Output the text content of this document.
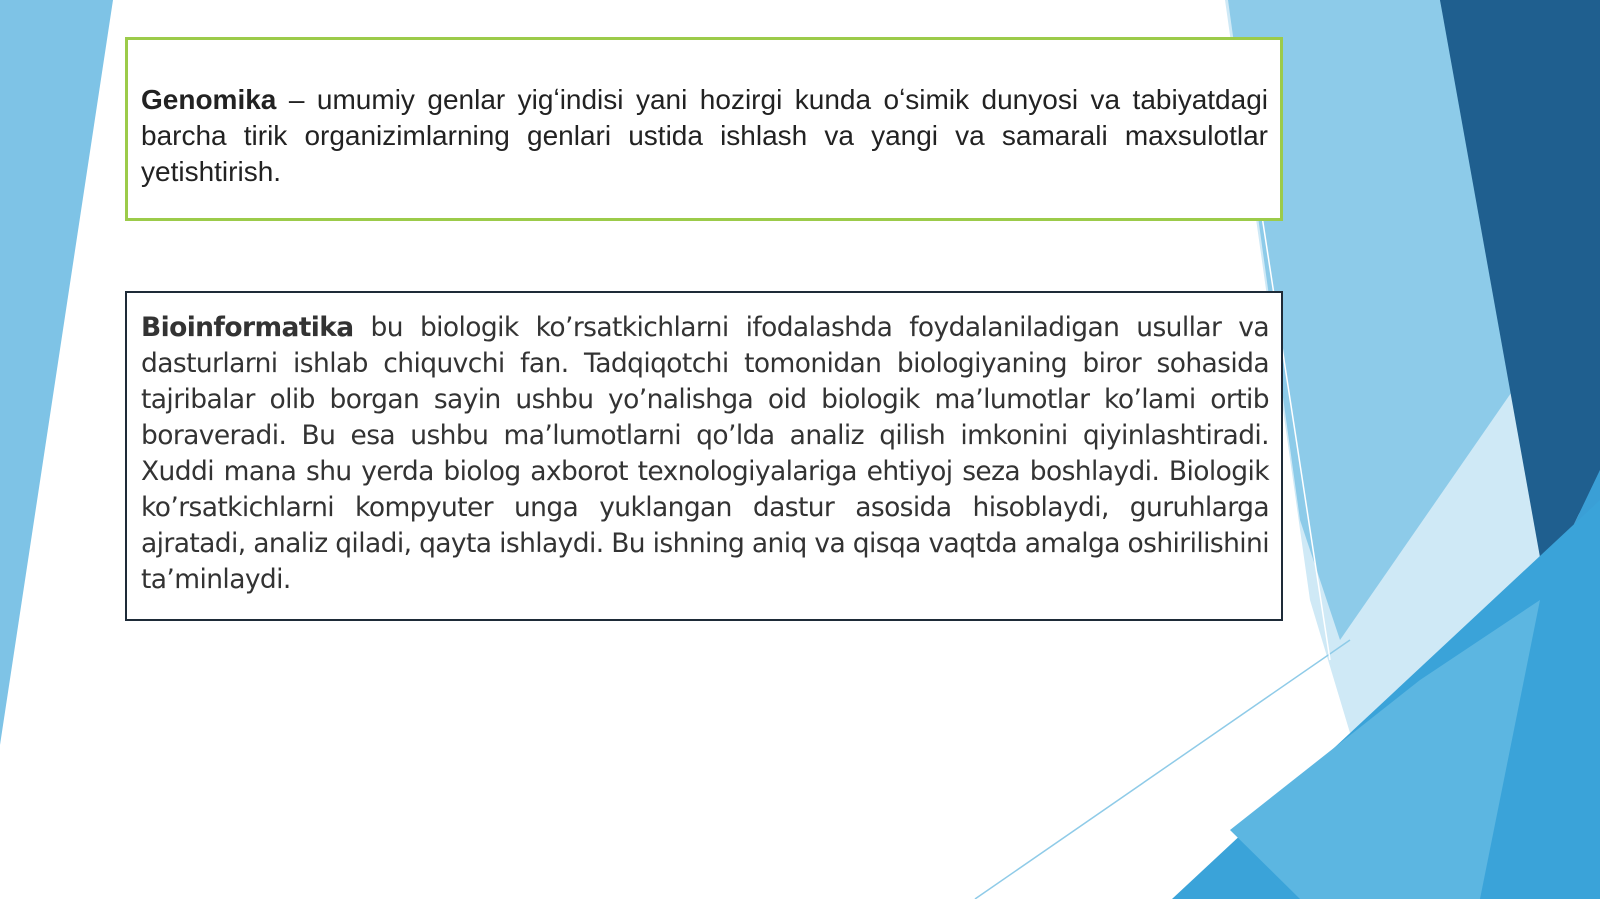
Genomika – umumiy genlar yigʻindisi yani hozirgi kunda oʻsimik dunyosi va tabiyatdagi barcha tirik organizimlarning genlari ustida ishlash va yangi va samarali maxsulotlar yetishtirish.

Bioinformatika bu biologik ko’rsatkichlarni ifodalashda foydalaniladigan usullar va dasturlarni ishlab chiquvchi fan. Tadqiqotchi tomonidan biologiyaning biror sohasida tajribalar olib borgan sayin ushbu yo’nalishga oid biologik ma’lumotlar ko’lami ortib boraveradi. Bu esa ushbu ma’lumotlarni qo’lda analiz qilish imkonini qiyinlashtiradi. Xuddi mana shu yerda biolog axborot texnologiyalariga ehtiyoj seza boshlaydi. Biologik ko’rsatkichlarni kompyuter unga yuklangan dastur asosida hisoblaydi, guruhlarga ajratadi, analiz qiladi, qayta ishlaydi. Bu ishning aniq va qisqa vaqtda amalga oshirilishini ta’minlaydi.
